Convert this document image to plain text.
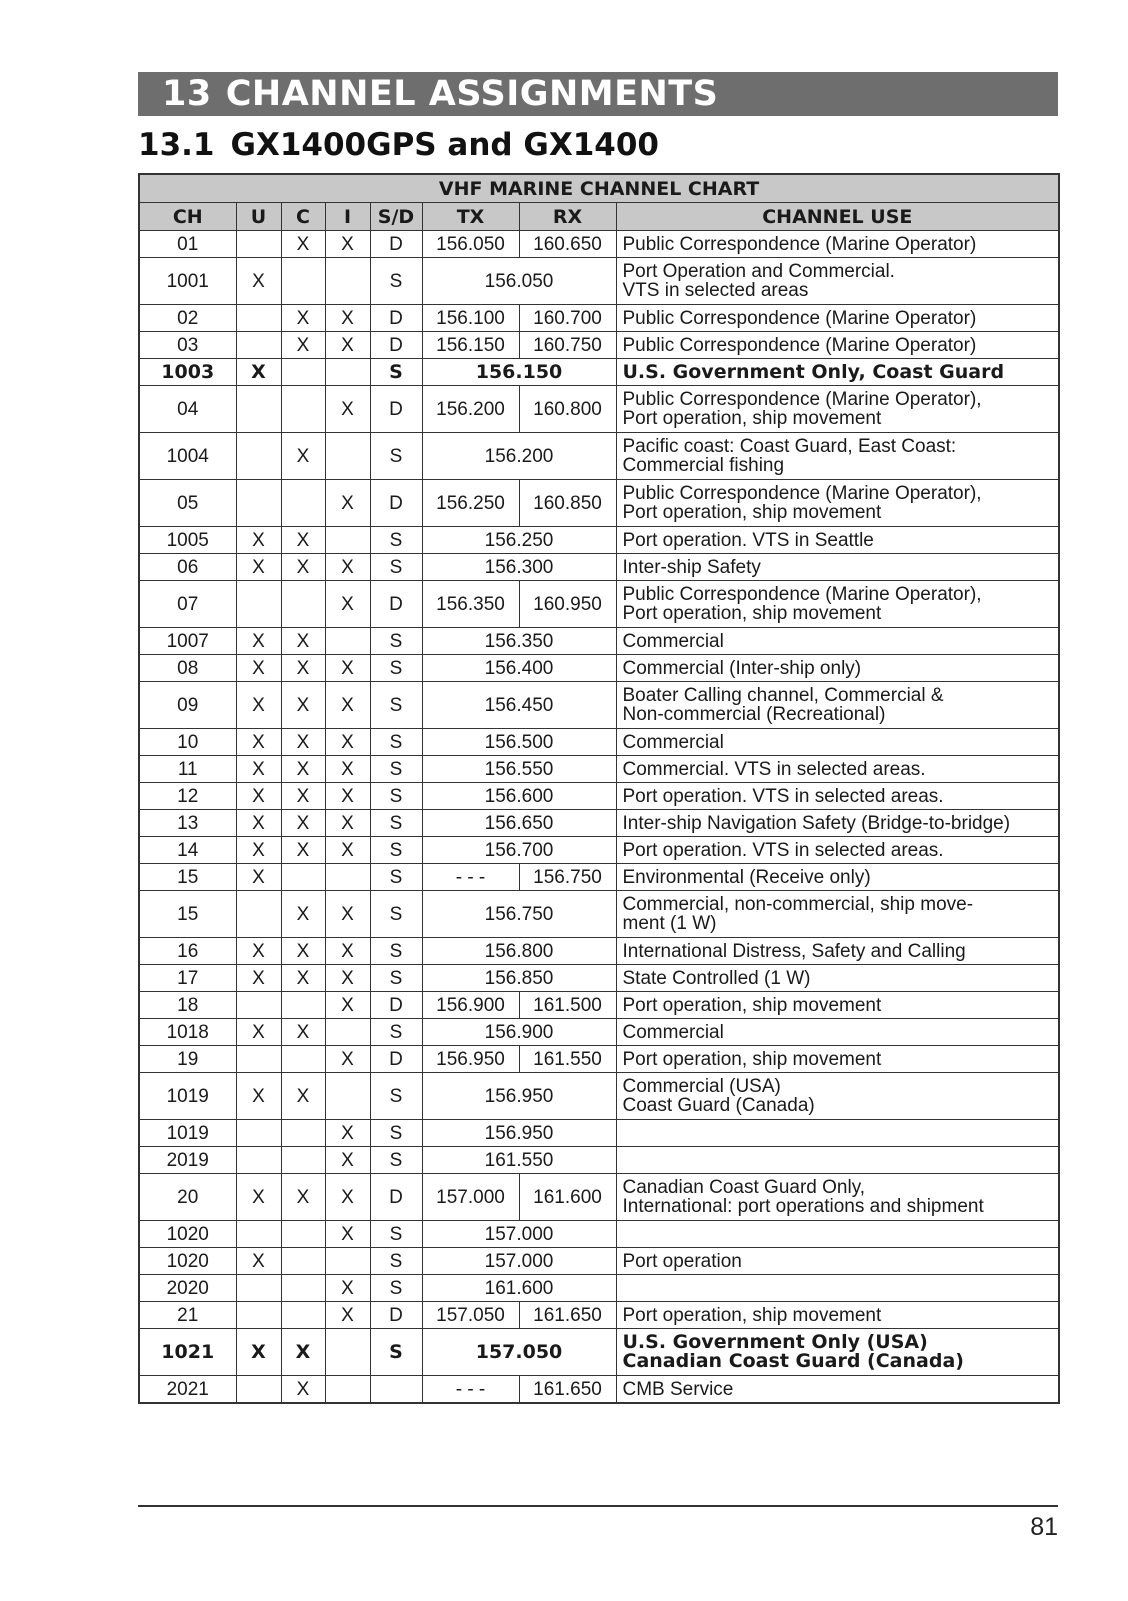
13 CHANNEL ASSIGNMENTS
13.1 GX1400GPS and GX1400
VHF MARINE CHANNEL CHART							
CH	U	C	I	S/D	TX	RX	CHANNEL USE
01		X	X	D	156.050	160.650	Public Correspondence (Marine Operator)

1001	X			S	156.050		Port Operation and Commercial.
VTS in selected areas

02		X	X	D	156.100	160.700	Public Correspondence (Marine Operator)

03		X	X	D	156.150	160.750	Public Correspondence (Marine Operator)

1003	X			S	156.150		U.S. Government Only, Coast Guard

04			X	D	156.200	160.800	Public Correspondence (Marine Operator),
Port operation, ship movement

1004		X		S	156.200		Pacific coast: Coast Guard, East Coast:
Commercial fishing

05			X	D	156.250	160.850	Public Correspondence (Marine Operator),
Port operation, ship movement

1005	X	X		S	156.250		Port operation. VTS in Seattle

06	X	X	X	S	156.300		Inter-ship Safety

07			X	D	156.350	160.950	Public Correspondence (Marine Operator),
Port operation, ship movement

1007	X	X		S	156.350		Commercial

08	X	X	X	S	156.400		Commercial (Inter-ship only)

09	X	X	X	S	156.450		Boater Calling channel, Commercial &
Non-commercial (Recreational)

10	X	X	X	S	156.500		Commercial

11	X	X	X	S	156.550		Commercial. VTS in selected areas.

12	X	X	X	S	156.600		Port operation. VTS in selected areas.

13	X	X	X	S	156.650		Inter-ship Navigation Safety (Bridge-to-bridge)

14	X	X	X	S	156.700		Port operation. VTS in selected areas.

15	X			S	- - -	156.750	Environmental (Receive only)

15		X	X	S	156.750		Commercial, non-commercial, ship move-
ment (1 W)

16	X	X	X	S	156.800		International Distress, Safety and Calling

17	X	X	X	S	156.850		State Controlled (1 W)

18			X	D	156.900	161.500	Port operation, ship movement

1018	X	X		S	156.900		Commercial

19			X	D	156.950	161.550	Port operation, ship movement

1019	X	X		S	156.950		Commercial (USA)
Coast Guard (Canada)

1019			X	S	156.950		

2019			X	S	161.550		

20	X	X	X	D	157.000	161.600	Canadian Coast Guard Only,
International: port operations and shipment

1020			X	S	157.000		

1020	X			S	157.000		Port operation

2020			X	S	161.600		

21			X	D	157.050	161.650	Port operation, ship movement

1021	X	X		S	157.050		U.S. Government Only (USA)
Canadian Coast Guard (Canada)

2021		X			- - -	161.650	CMB Service
81
